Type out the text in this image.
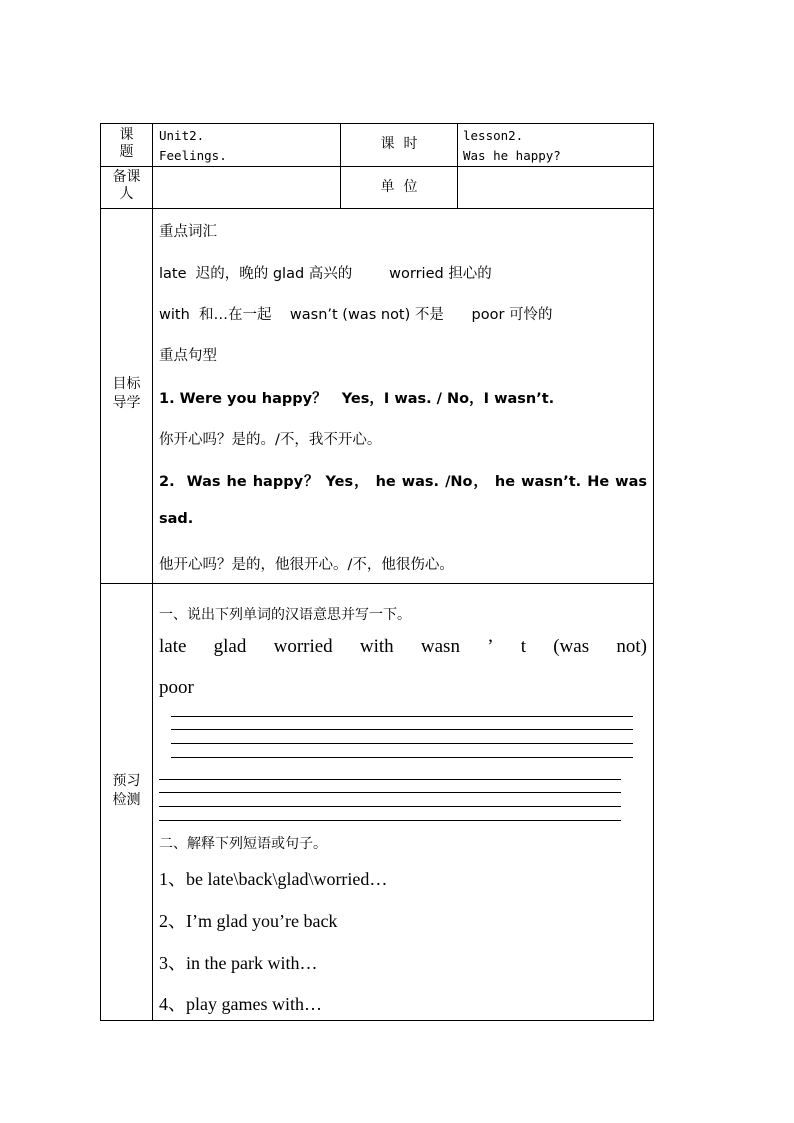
课
题
Unit2.
Feelings.
课  时
lesson2.
Was he happy?
备课
人	单  位
目标
导学
重点词汇
late  迟的，晚的 glad 高兴的        worried 担心的
with  和…在一起    wasn’t (was not) 不是      poor 可怜的
重点句型
1. Were you happy？   Yes，I was. / No，I wasn’t.
你开心吗？是的。/不，我不开心。
2.  Was he happy？ Yes， he was. /No， he wasn’t. He was
sad.
他开心吗？是的，他很开心。/不，他很伤心。
预习
检测
一、说出下列单词的汉语意思并写一下。
late glad worried with wasn ’ t (was not)
poor
二、解释下列短语或句子。
1、be late\back\glad\worried…
2、I’m glad you’re back
3、in the park with…
4、play games with…
